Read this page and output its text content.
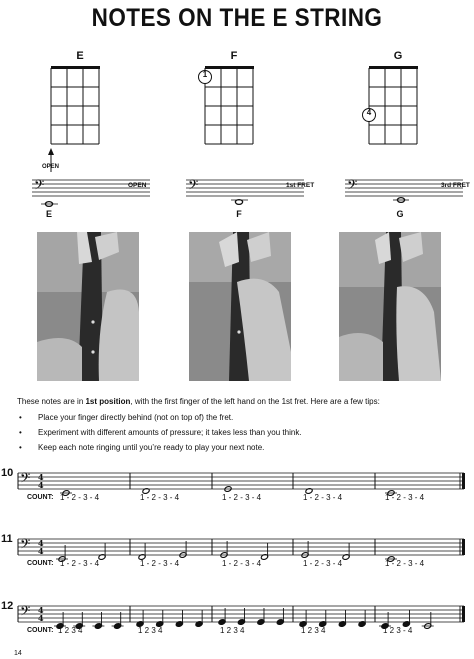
NOTES ON THE E STRING
E
OPEN
F
1
G
4
𝄢	OPEN
E
𝄢	1st FRET
F
𝄢	3rd FRET
G
These notes are in 1st position, with the first finger of the left hand on the 1st fret. Here are a few tips:
• Place your finger directly behind (not on top of) the fret.
• Experiment with different amounts of pressure; it takes less than you think.
• Keep each note ringing until you’re ready to play your next note.
10 𝄢 4
4
COUNT: 1 - 2 - 3 - 4	1 - 2 - 3 - 4	1 - 2 - 3 - 4	1 - 2 - 3 - 4	1 - 2 - 3 - 4
11 𝄢 4
4
COUNT: 1 - 2 - 3 - 4	1 - 2 - 3 - 4	1 - 2 - 3 - 4	1 - 2 - 3 - 4	1 - 2 - 3 - 4
12 𝄢 4
4
COUNT: 1 2 3 4	1 2 3 4	1 2 3 4	1 2 3 4	1 2 3 - 4
14
